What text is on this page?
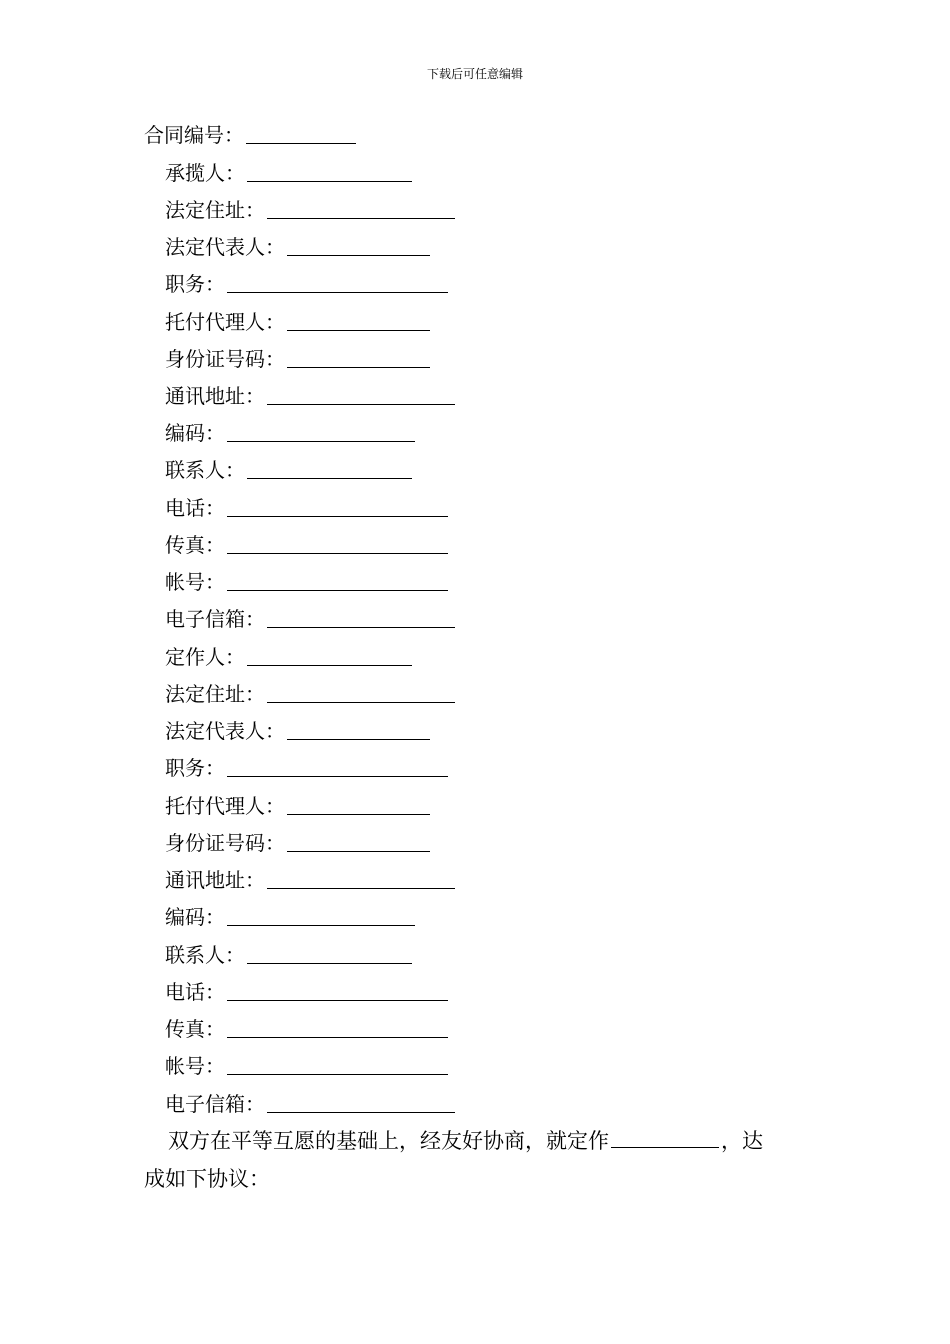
下载后可任意编辑
合同编号：
承揽人：
法定住址：
法定代表人：
职务：
托付代理人：
身份证号码：
通讯地址：
编码：
联系人：
电话：
传真：
帐号：
电子信箱：
定作人：
法定住址：
法定代表人：
职务：
托付代理人：
身份证号码：
通讯地址：
编码：
联系人：
电话：
传真：
帐号：
电子信箱：
双方在平等互愿的基础上，经友好协商，就定作	，达
成如下协议：
